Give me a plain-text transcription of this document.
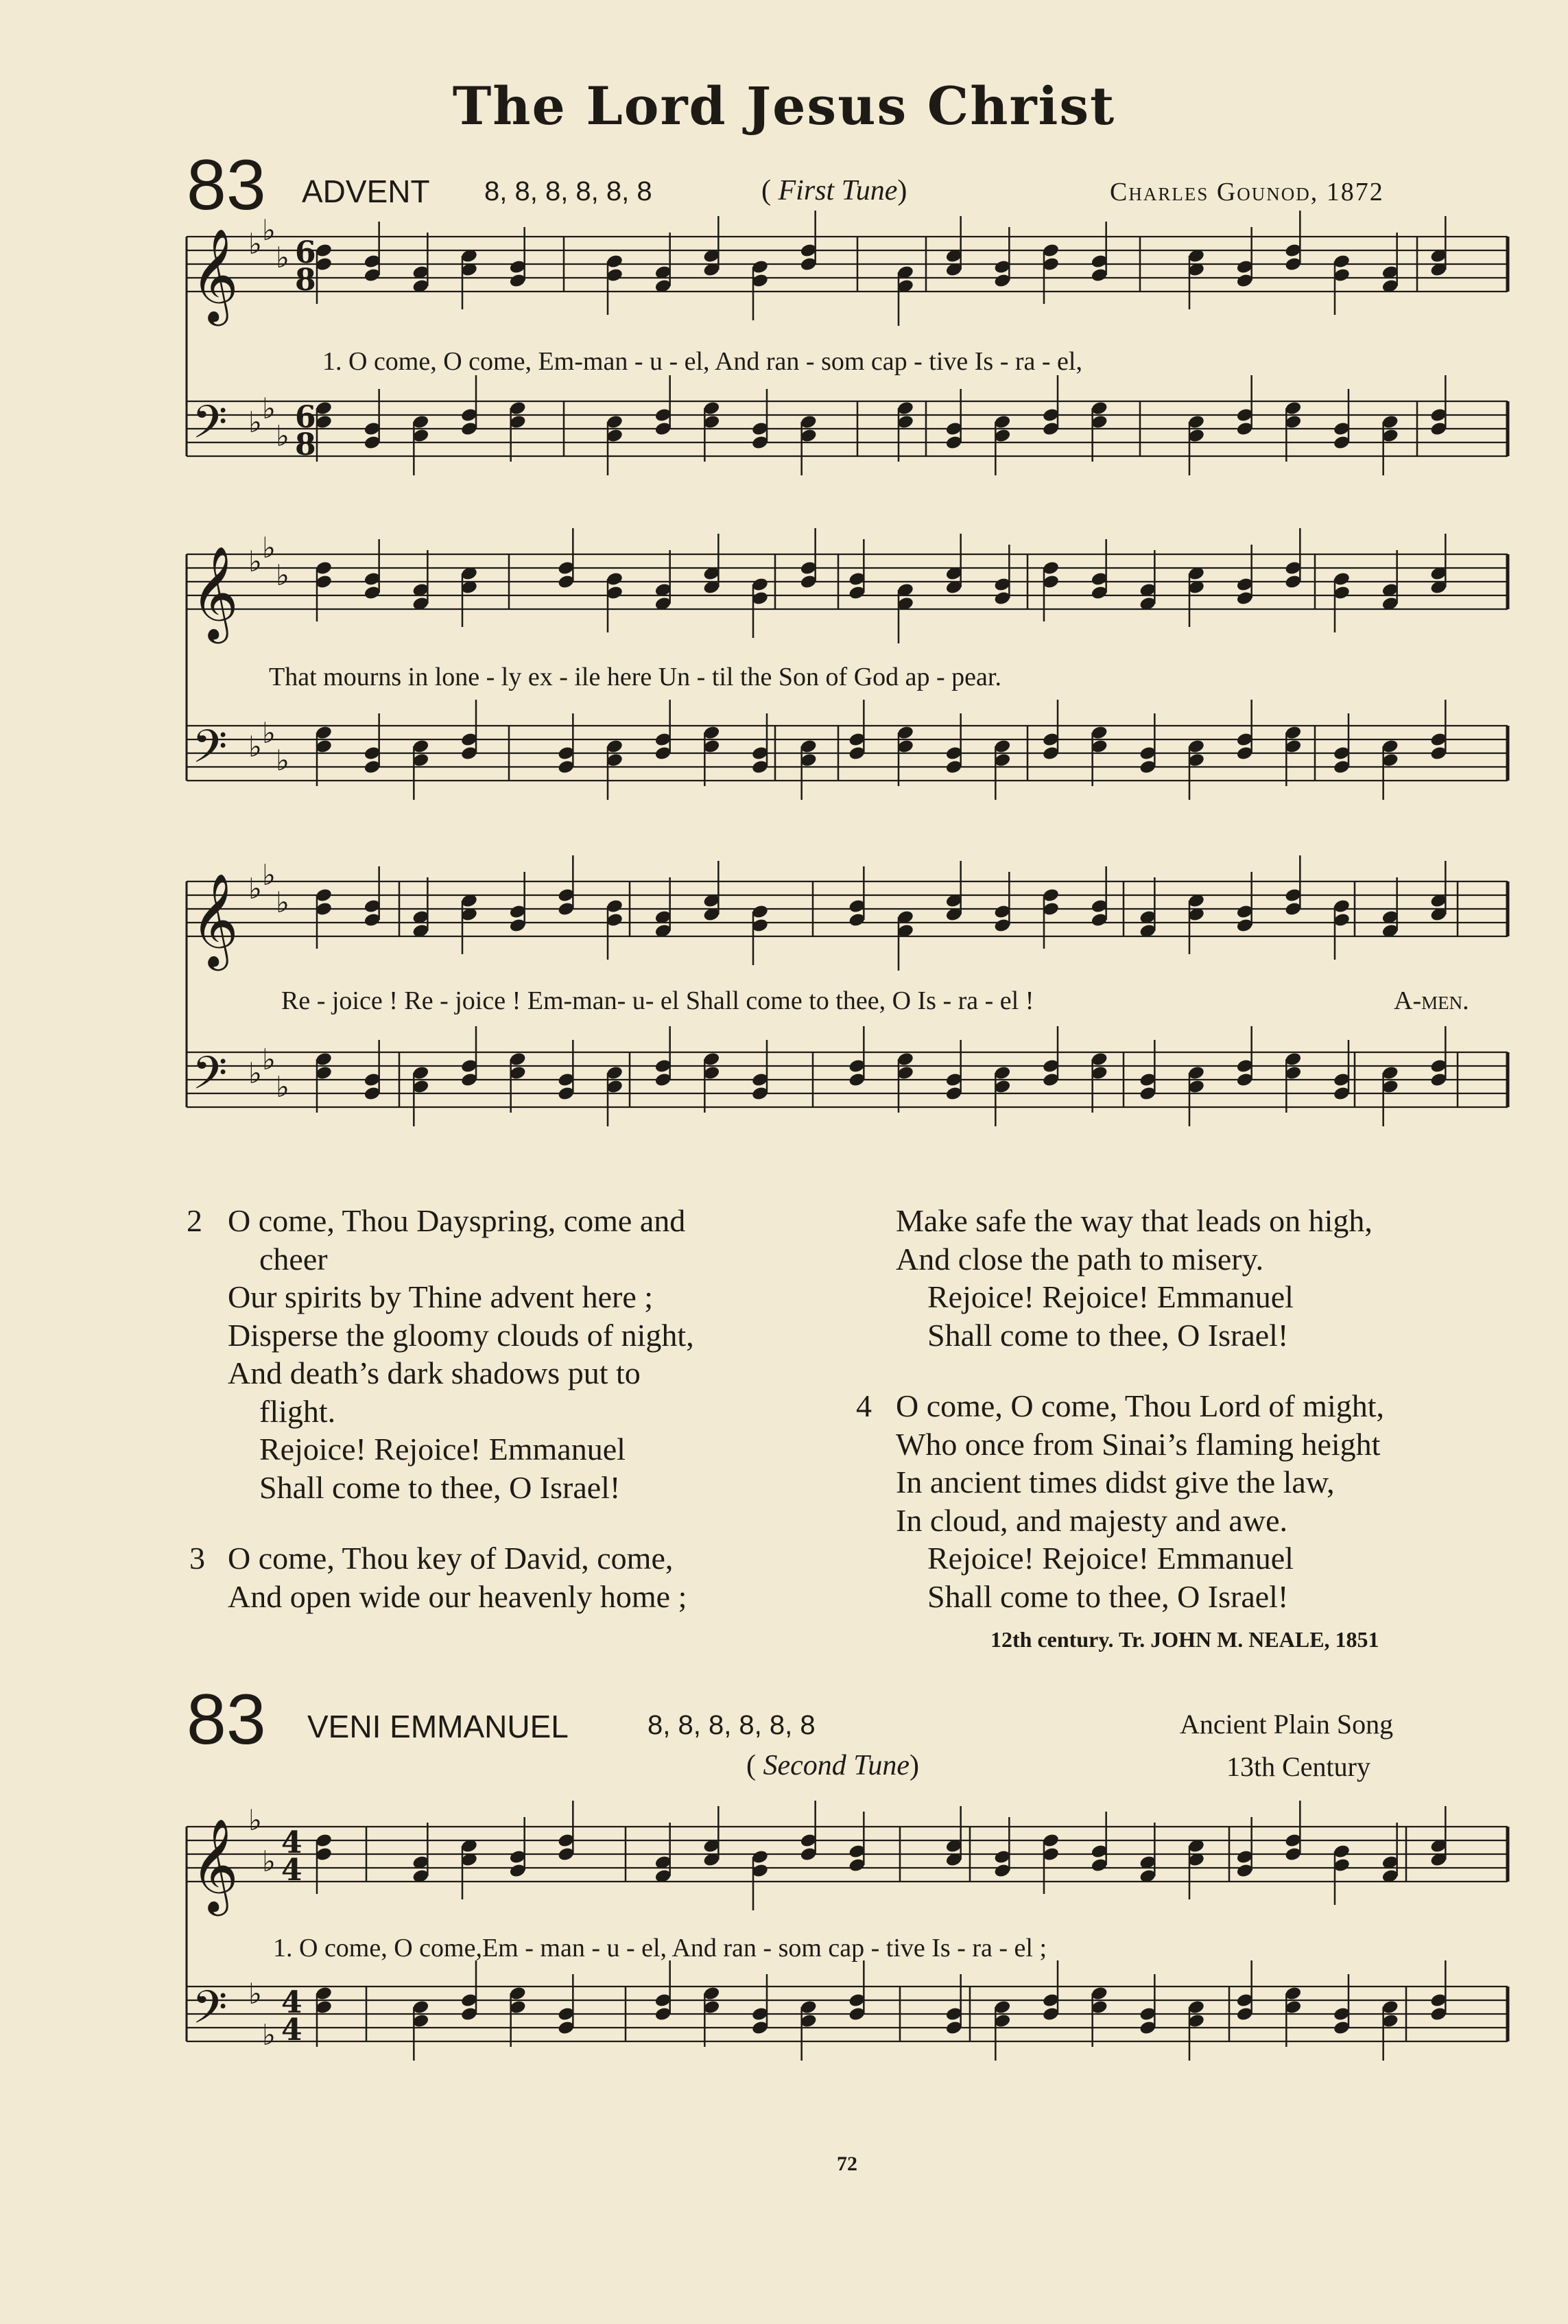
The Lord Jesus Christ
83 ADVENT 8, 8, 8, 8, 8, 8	( First Tune)	Charles Gounod, 1872
𝄞
𝄢
♭
♭
♭
♭
♭
♭
6
8
6
8
𝄞
𝄢
♭
♭
♭
♭
♭
♭
𝄞
𝄢
♭
♭
♭
♭
♭
♭
𝄞
𝄢
♭
♭
♭
♭
4
4
4
4
1. O come, O come, Em-man - u - el, And ran - som cap - tive Is - ra - el,
That mourns in lone - ly ex - ile here Un - til the Son of God ap - pear.
Re - joice ! Re - joice ! Em-man- u- el Shall come to thee, O Is - ra - el !	A-men.
2 O come, Thou Dayspring, come and
cheer
Our spirits by Thine advent here ;
Disperse the gloomy clouds of night,
And death’s dark shadows put to
flight.
Rejoice! Rejoice! Emmanuel
Shall come to thee, O Israel!
3 O come, Thou key of David, come,
And open wide our heavenly home ;
Make safe the way that leads on high,
And close the path to misery.
Rejoice! Rejoice! Emmanuel
Shall come to thee, O Israel!
4 O come, O come, Thou Lord of might,
Who once from Sinai’s flaming height
In ancient times didst give the law,
In cloud, and majesty and awe.
Rejoice! Rejoice! Emmanuel
Shall come to thee, O Israel!
12th century. Tr. JOHN M. NEALE, 1851
83 VENI EMMANUEL	8, 8, 8, 8, 8, 8
( Second Tune)
Ancient Plain Song
13th Century
1. O come, O come,Em - man - u - el, And ran - som cap - tive Is - ra - el ;
72
